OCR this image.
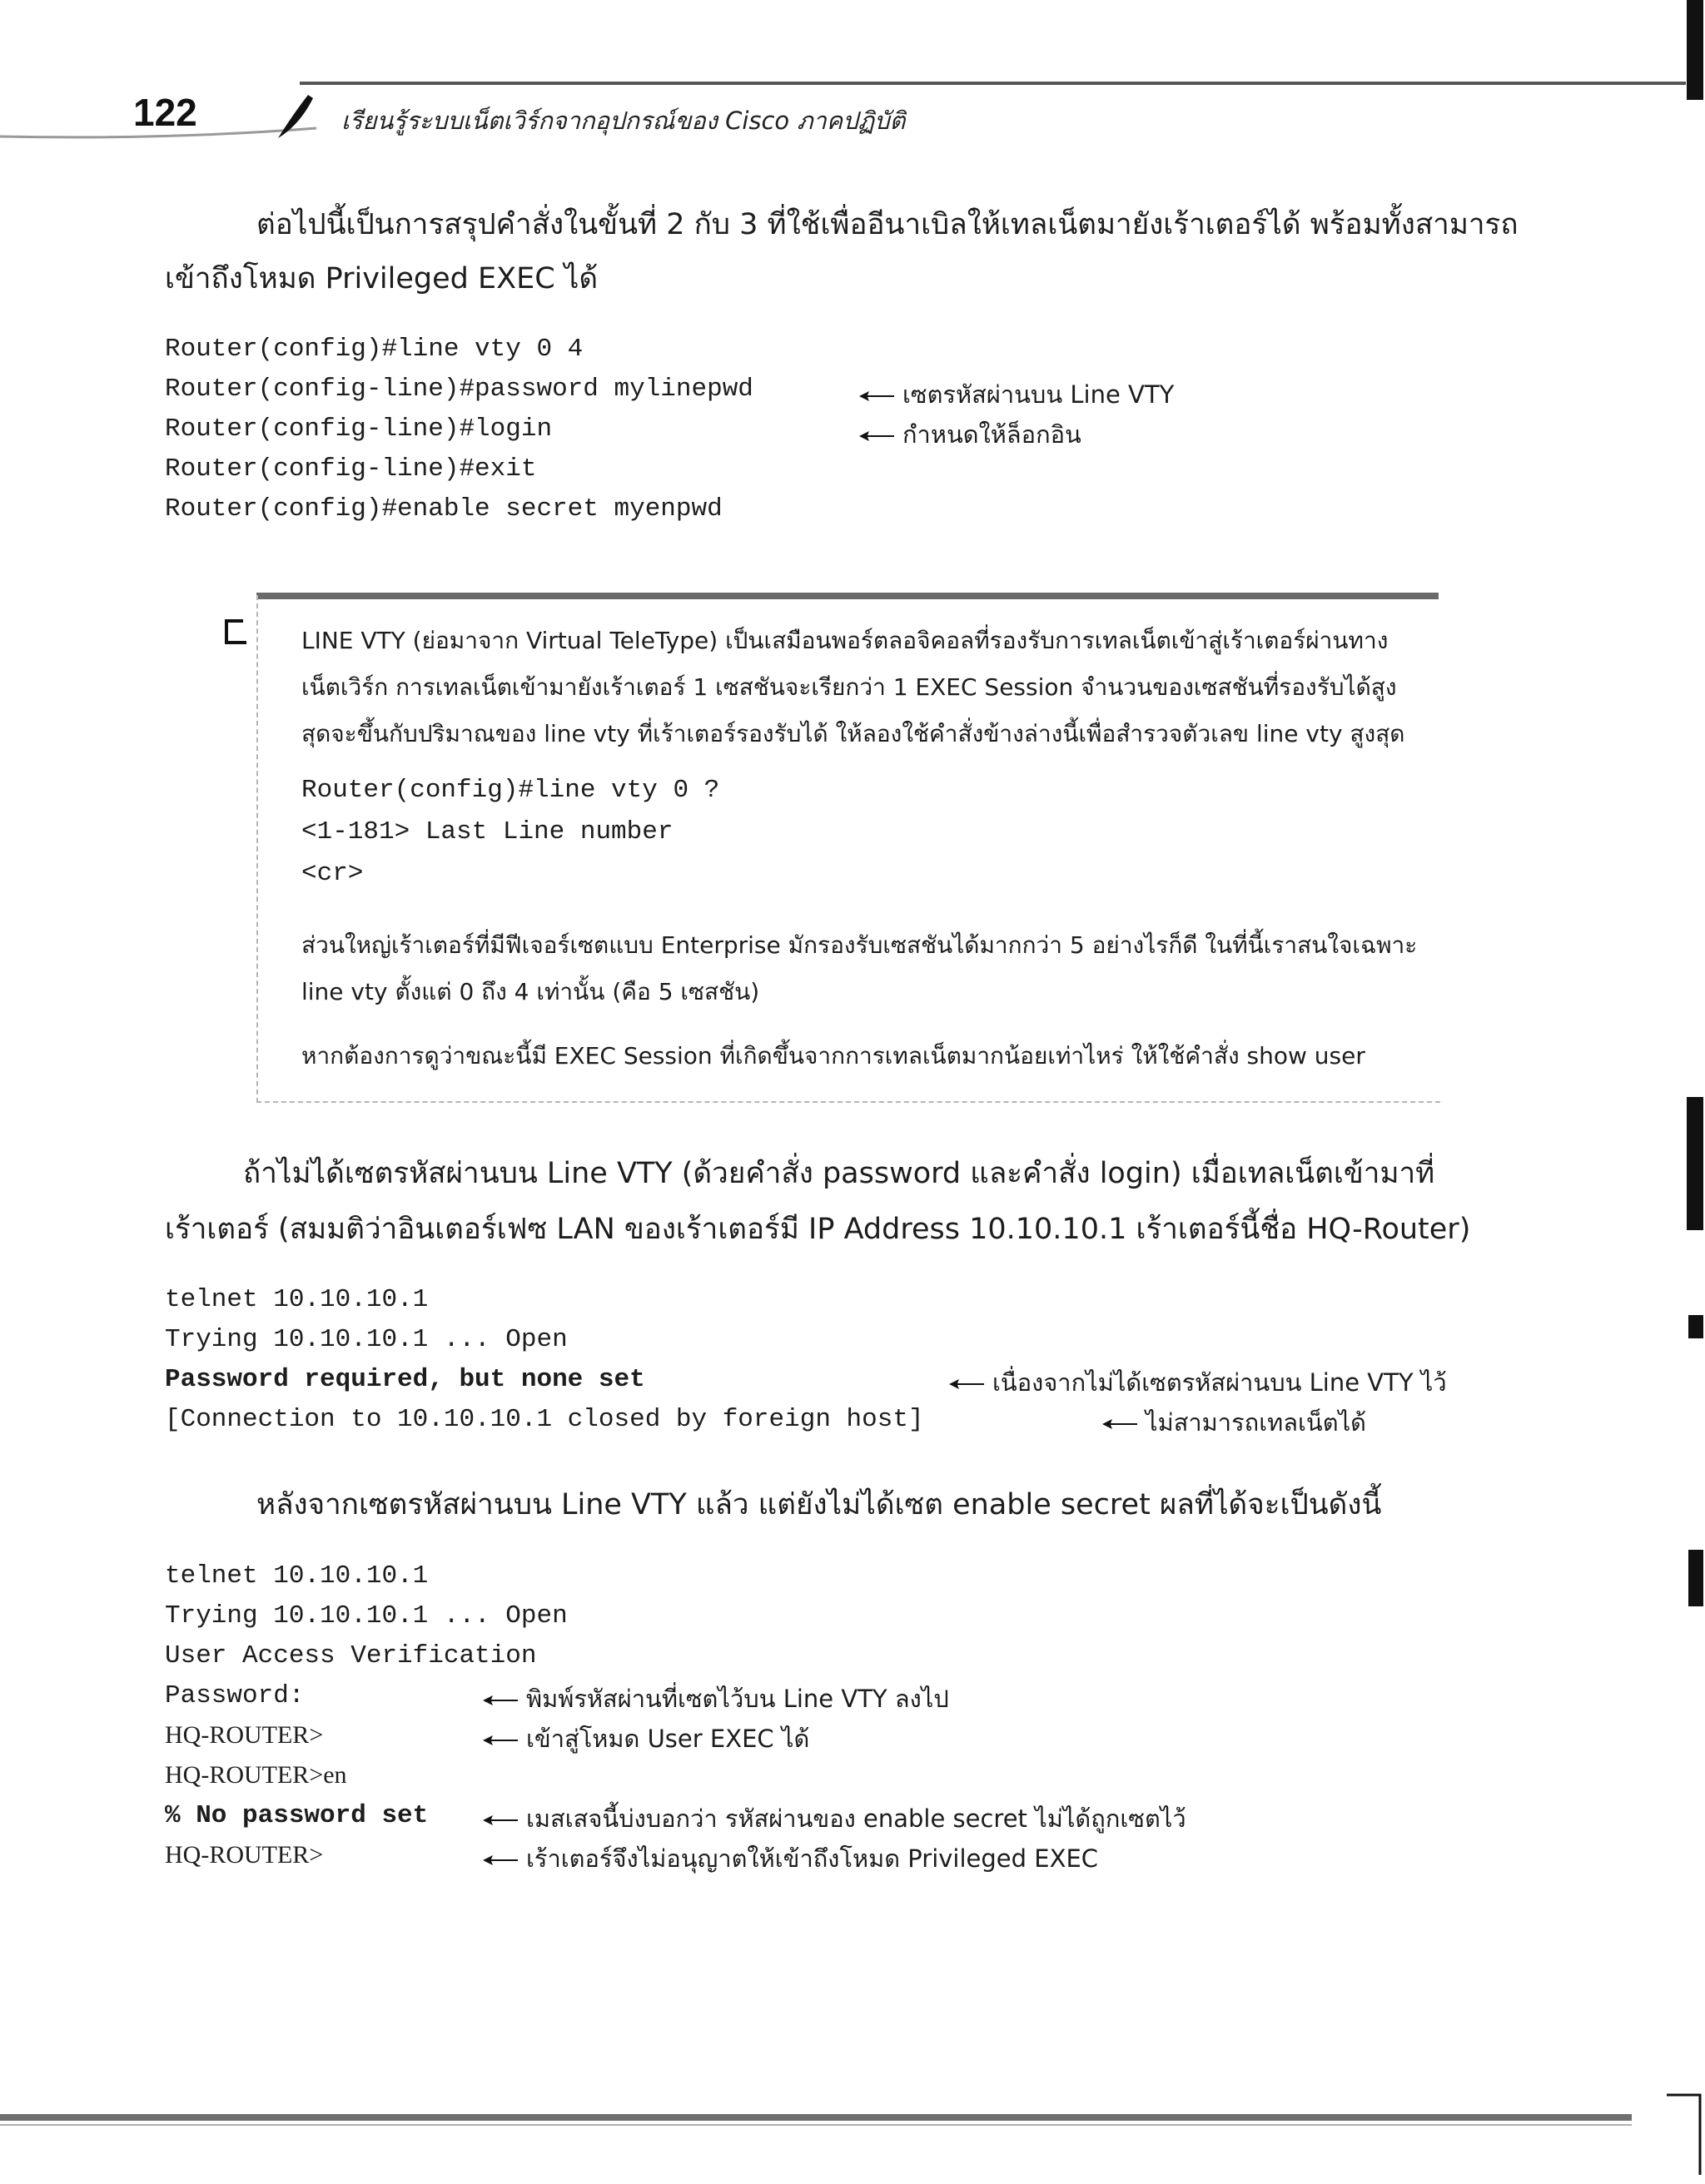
122	เรียนรู้ระบบเน็ตเวิร์กจากอุปกรณ์ของ Cisco ภาคปฏิบัติ
ต่อไปนี้เป็นการสรุปคำสั่งในขั้นที่ 2 กับ 3 ที่ใช้เพื่ออีนาเบิลให้เทลเน็ตมายังเร้าเตอร์ได้ พร้อมทั้งสามารถ
เข้าถึงโหมด Privileged EXEC ได้
Router(config)#line vty 0 4
Router(config-line)#password mylinepwd
Router(config-line)#login
Router(config-line)#exit
Router(config)#enable secret myenpwd
เซตรหัสผ่านบน Line VTY
กำหนดให้ล็อกอิน
LINE VTY (ย่อมาจาก Virtual TeleType) เป็นเสมือนพอร์ตลอจิคอลที่รองรับการเทลเน็ตเข้าสู่เร้าเตอร์ผ่านทาง
เน็ตเวิร์ก การเทลเน็ตเข้ามายังเร้าเตอร์ 1 เซสชันจะเรียกว่า 1 EXEC Session จำนวนของเซสชันที่รองรับได้สูง
สุดจะขึ้นกับปริมาณของ line vty ที่เร้าเตอร์รองรับได้ ให้ลองใช้คำสั่งข้างล่างนี้เพื่อสำรวจตัวเลข line vty สูงสุด
Router(config)#line vty 0 ?
<1-181> Last Line number
<cr>
ส่วนใหญ่เร้าเตอร์ที่มีฟีเจอร์เซตแบบ Enterprise มักรองรับเซสชันได้มากกว่า 5 อย่างไรก็ดี ในที่นี้เราสนใจเฉพาะ
line vty ตั้งแต่ 0 ถึง 4 เท่านั้น (คือ 5 เซสชัน)
หากต้องการดูว่าขณะนี้มี EXEC Session ที่เกิดขึ้นจากการเทลเน็ตมากน้อยเท่าไหร่ ให้ใช้คำสั่ง show user
ถ้าไม่ได้เซตรหัสผ่านบน Line VTY (ด้วยคำสั่ง password และคำสั่ง login) เมื่อเทลเน็ตเข้ามาที่
เร้าเตอร์ (สมมติว่าอินเตอร์เฟซ LAN ของเร้าเตอร์มี IP Address 10.10.10.1 เร้าเตอร์นี้ชื่อ HQ-Router)
telnet 10.10.10.1
Trying 10.10.10.1 ... Open
Password required, but none set
[Connection to 10.10.10.1 closed by foreign host]
เนื่องจากไม่ได้เซตรหัสผ่านบน Line VTY ไว้
ไม่สามารถเทลเน็ตได้
หลังจากเซตรหัสผ่านบน Line VTY แล้ว แต่ยังไม่ได้เซต enable secret ผลที่ได้จะเป็นดังนี้
telnet 10.10.10.1
Trying 10.10.10.1 ... Open
User Access Verification
Password:
HQ-ROUTER>
HQ-ROUTER>en
% No password set
HQ-ROUTER>
พิมพ์รหัสผ่านที่เซตไว้บน Line VTY ลงไป
เข้าสู่โหมด User EXEC ได้
เมสเสจนี้บ่งบอกว่า รหัสผ่านของ enable secret ไม่ได้ถูกเซตไว้
เร้าเตอร์จึงไม่อนุญาตให้เข้าถึงโหมด Privileged EXEC
